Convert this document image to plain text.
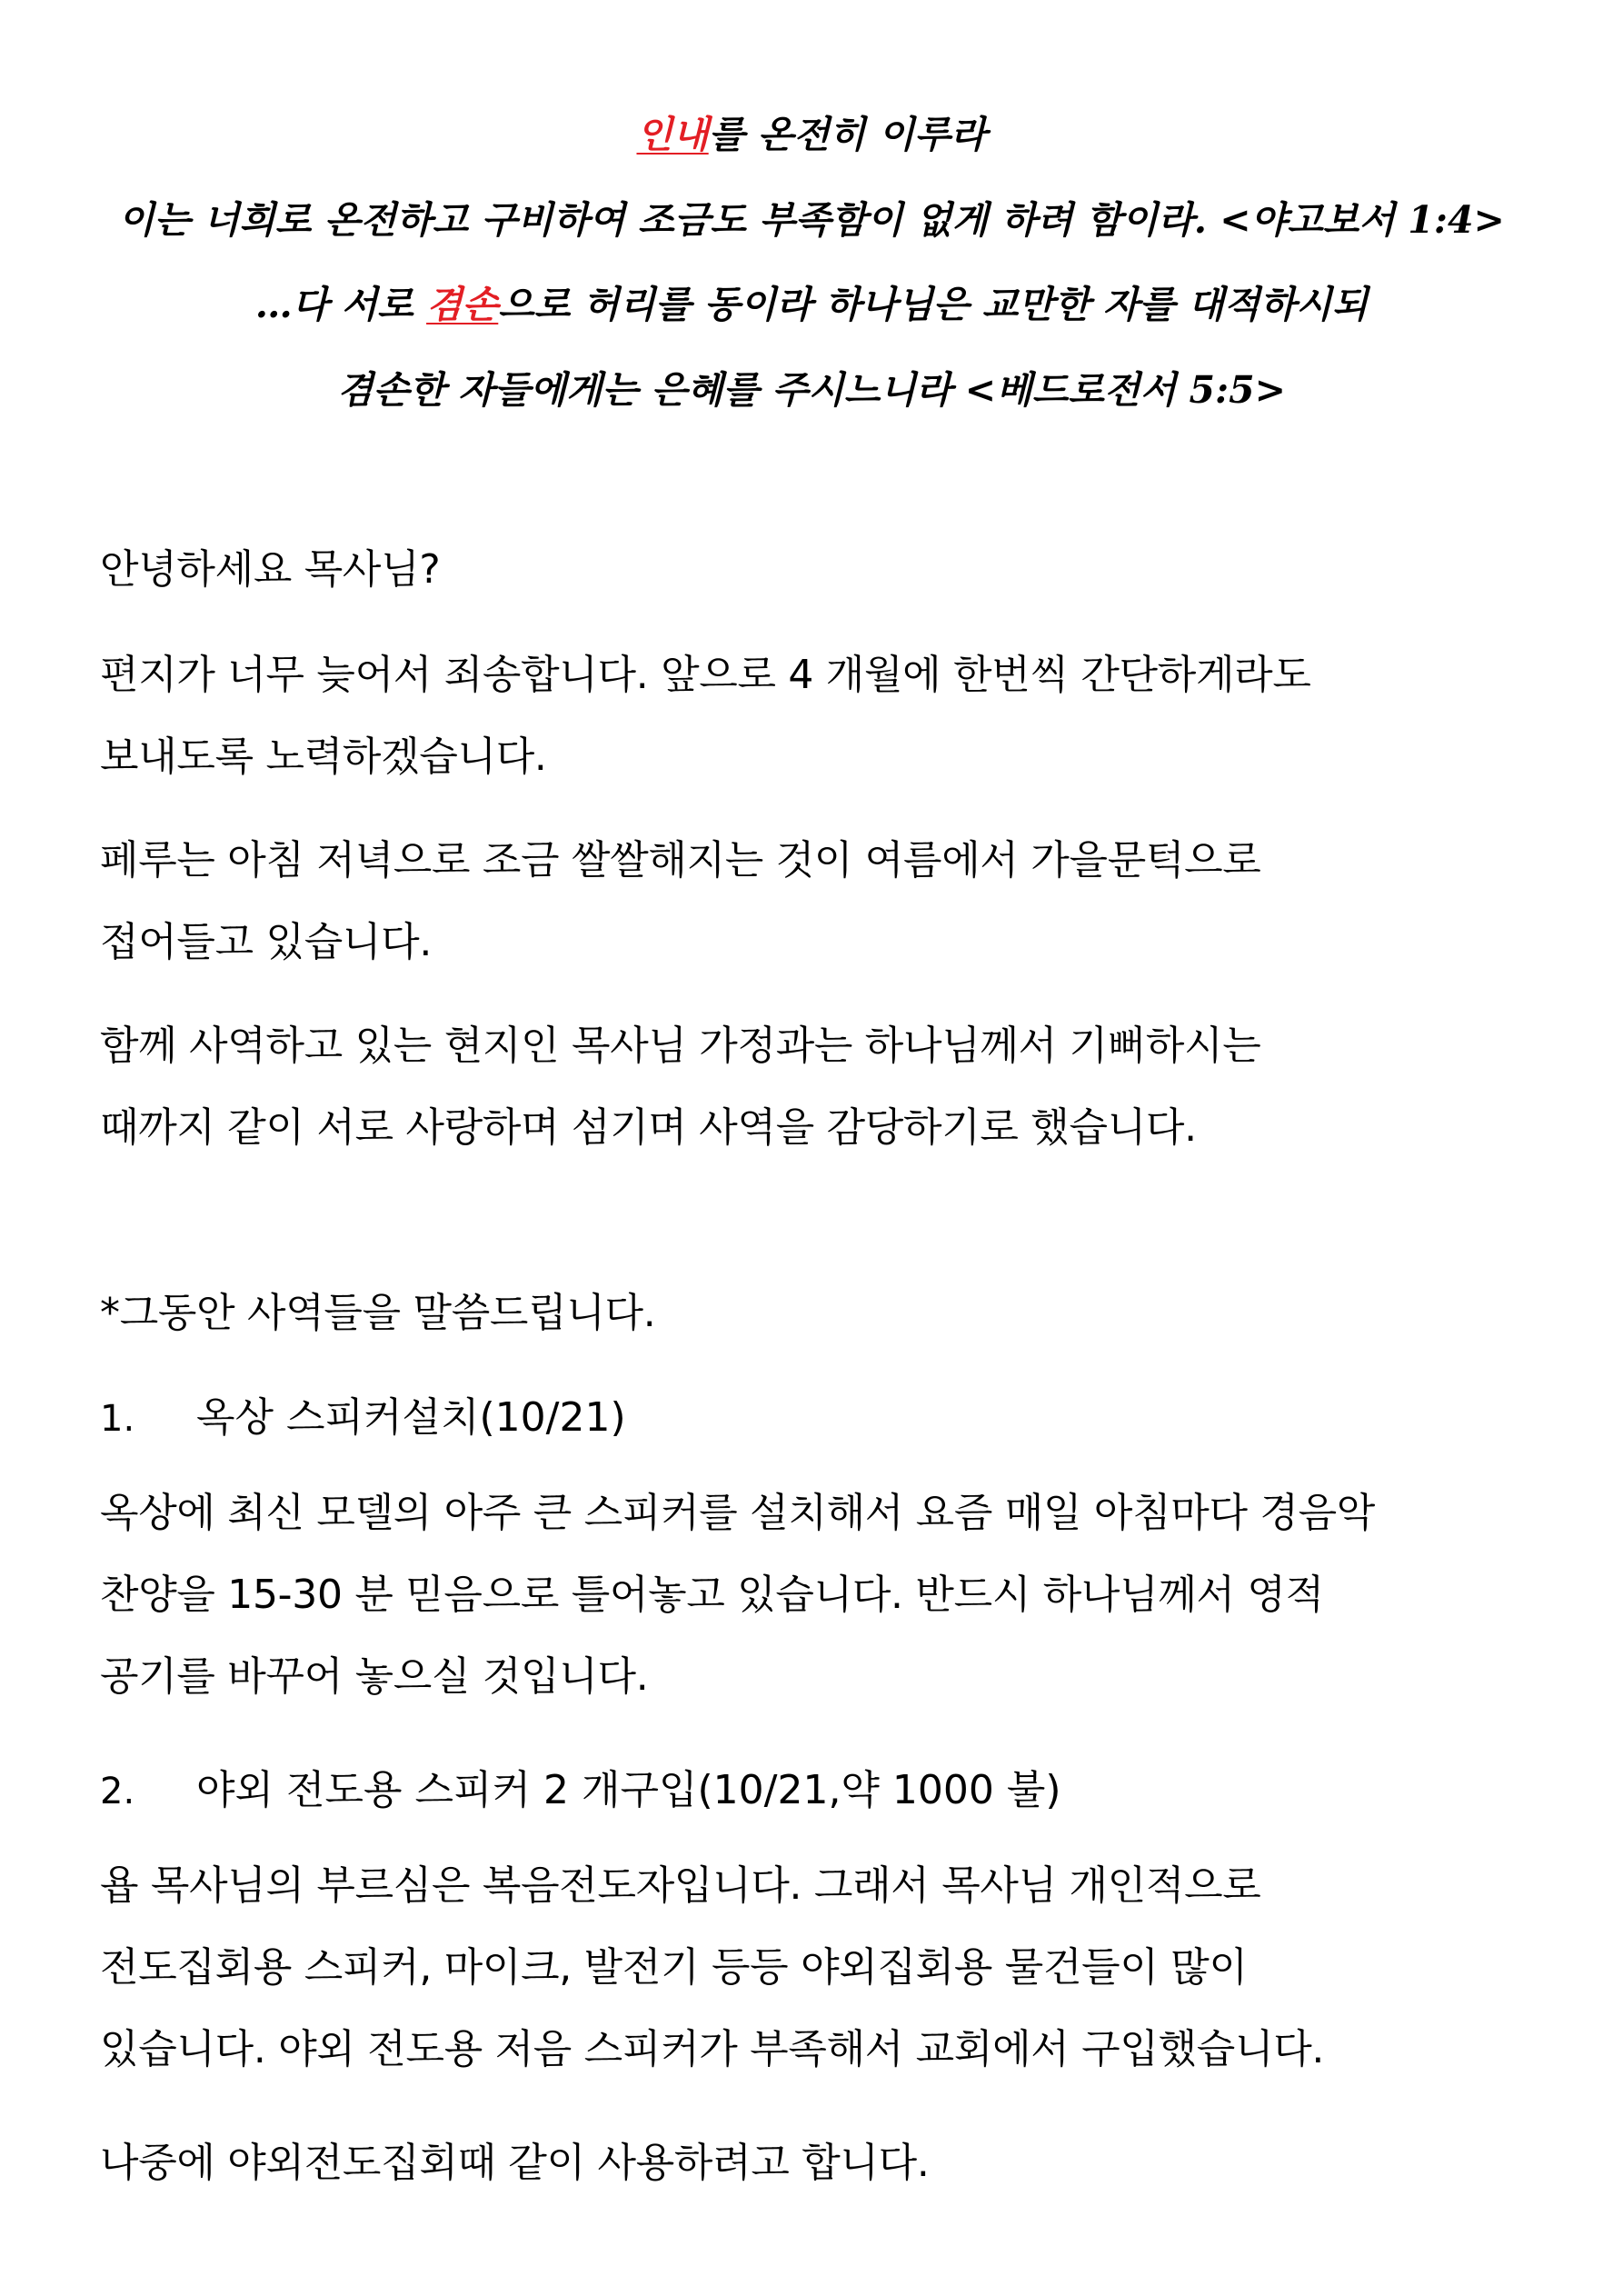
인내를 온전히 이루라
이는 너희로 온전하고 구비하여 조금도 부족함이 없게 하려 함이라. <야고보서 1:4>
…다 서로 겸손으로 허리를 동이라 하나님은 교만한 자를 대적하시되
겸손한 자들에게는 은혜를 주시느니라 <베드로전서 5:5>
안녕하세요 목사님?
편지가 너무 늦어서 죄송합니다. 앞으로 4 개월에 한번씩 간단하게라도
보내도록 노력하겠습니다.
페루는 아침 저녁으로 조금 쌀쌀해지는 것이 여름에서 가을문턱으로
접어들고 있습니다.
함께 사역하고 있는 현지인 목사님 가정과는 하나님께서 기뻐하시는
때까지 같이 서로 사랑하며 섬기며 사역을 감당하기로 했습니다.
*그동안 사역들을 말씀드립니다.
1. 옥상 스피커설치(10/21)
옥상에 최신 모델의 아주 큰 스피커를 설치해서 요즘 매일 아침마다 경음악
찬양을 15-30 분 믿음으로 틀어놓고 있습니다. 반드시 하나님께서 영적
공기를 바꾸어 놓으실 것입니다.
2. 야외 전도용 스피커 2 개구입(10/21,약 1000 불)
욥 목사님의 부르심은 복음전도자입니다. 그래서 목사님 개인적으로
전도집회용 스피커, 마이크, 발전기 등등 야외집회용 물건들이 많이
있습니다. 야외 전도용 저음 스피커가 부족해서 교회에서 구입했습니다.
나중에 야외전도집회때 같이 사용하려고 합니다.
